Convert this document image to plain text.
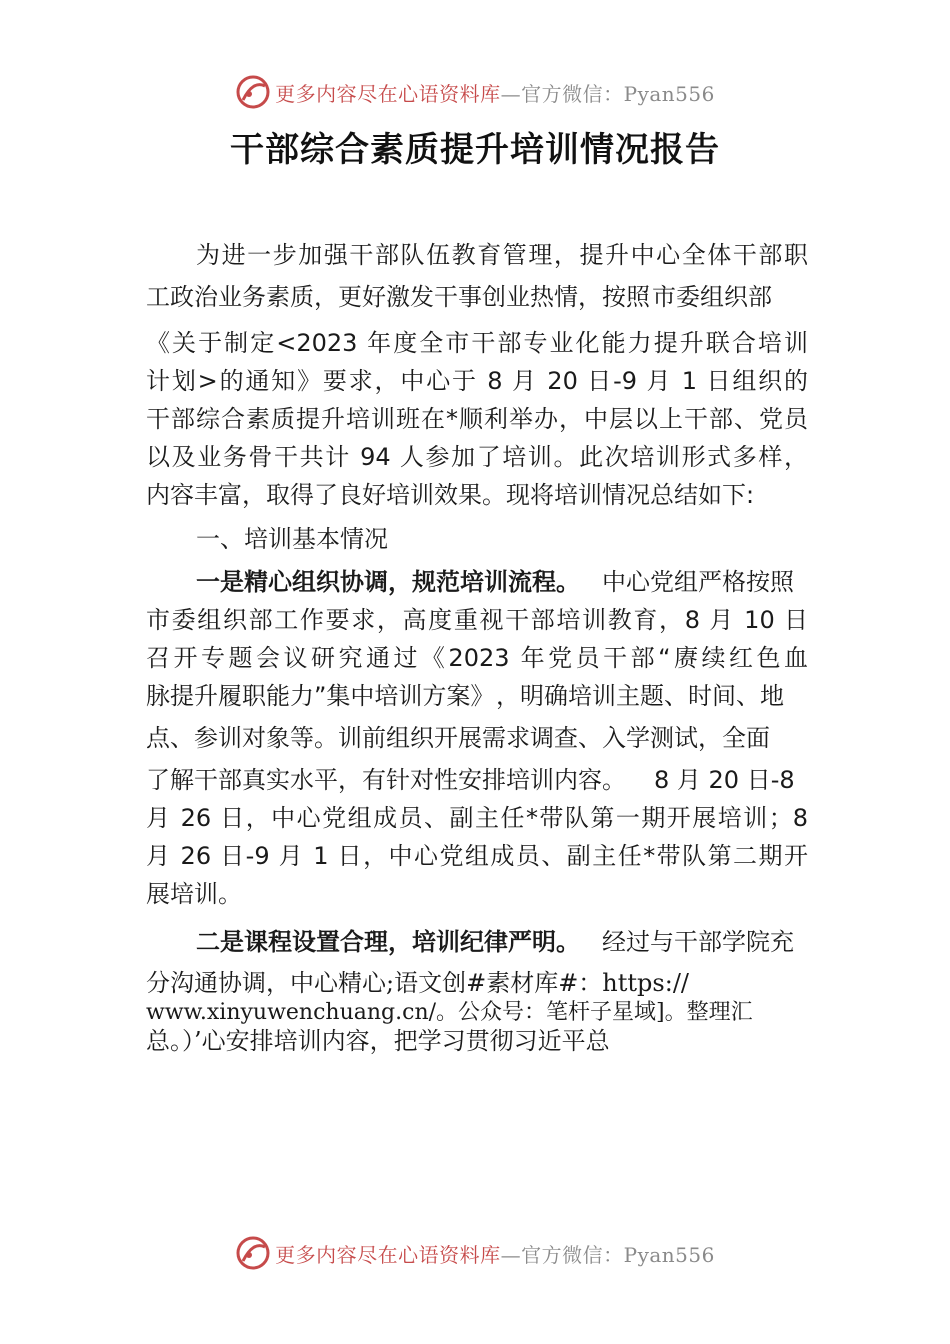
更多内容尽在心语资料库—官方微信：Pyan556
干部综合素质提升培训情况报告
为进一步加强干部队伍教育管理，提升中心全体干部职
工政治业务素质，更好激发干事创业热情，按照 市委组织部
《关于制定<2023 年度全市干部专业化能力提升联合培训
计划>的通知》要求，中心于 8 月 20 日-9 月 1 日组织的
干部综合素质提升培训班在*顺利举办，中层以上干部、党员
以及业务骨干共计 94 人参加了培训。此次培训形式多样，
内容丰富，取得了良好培训效果。现将培训情况总结如下:
一、培训基本情况
一是精心组织协调，规范培训流程。 中心党组严格按照
市委组织部工作要求，高度重视干部培训教育，8 月 10 日
召开专题会议研究通过《2023 年党员干部“赓续红色血
脉提升履职能力”集中培训方案》 ，明确培训主题、时间、地
点、参训对象等。训前组织开展需求调查、入学测试，全面
了解干部真实水平，有针对性安排培训内容。 8 月 20 日-8
月 26 日，中心党组成员、副主任*带队第一期开展培训；8
月 26 日-9 月 1 日，中心党组成员、副主任*带队第二期开
展培训。
二是课程设置合理，培训纪律严明。 经过与干部学院充
分沟通协调，中心精心;语文创#素材库#：https://
www.xinyuwenchuang.cn/。公众号：笔杆子星域]。整理汇
总。）’心安排培训内容，把学习贯彻习近平总
更多内容尽在心语资料库—官方微信：Pyan556
